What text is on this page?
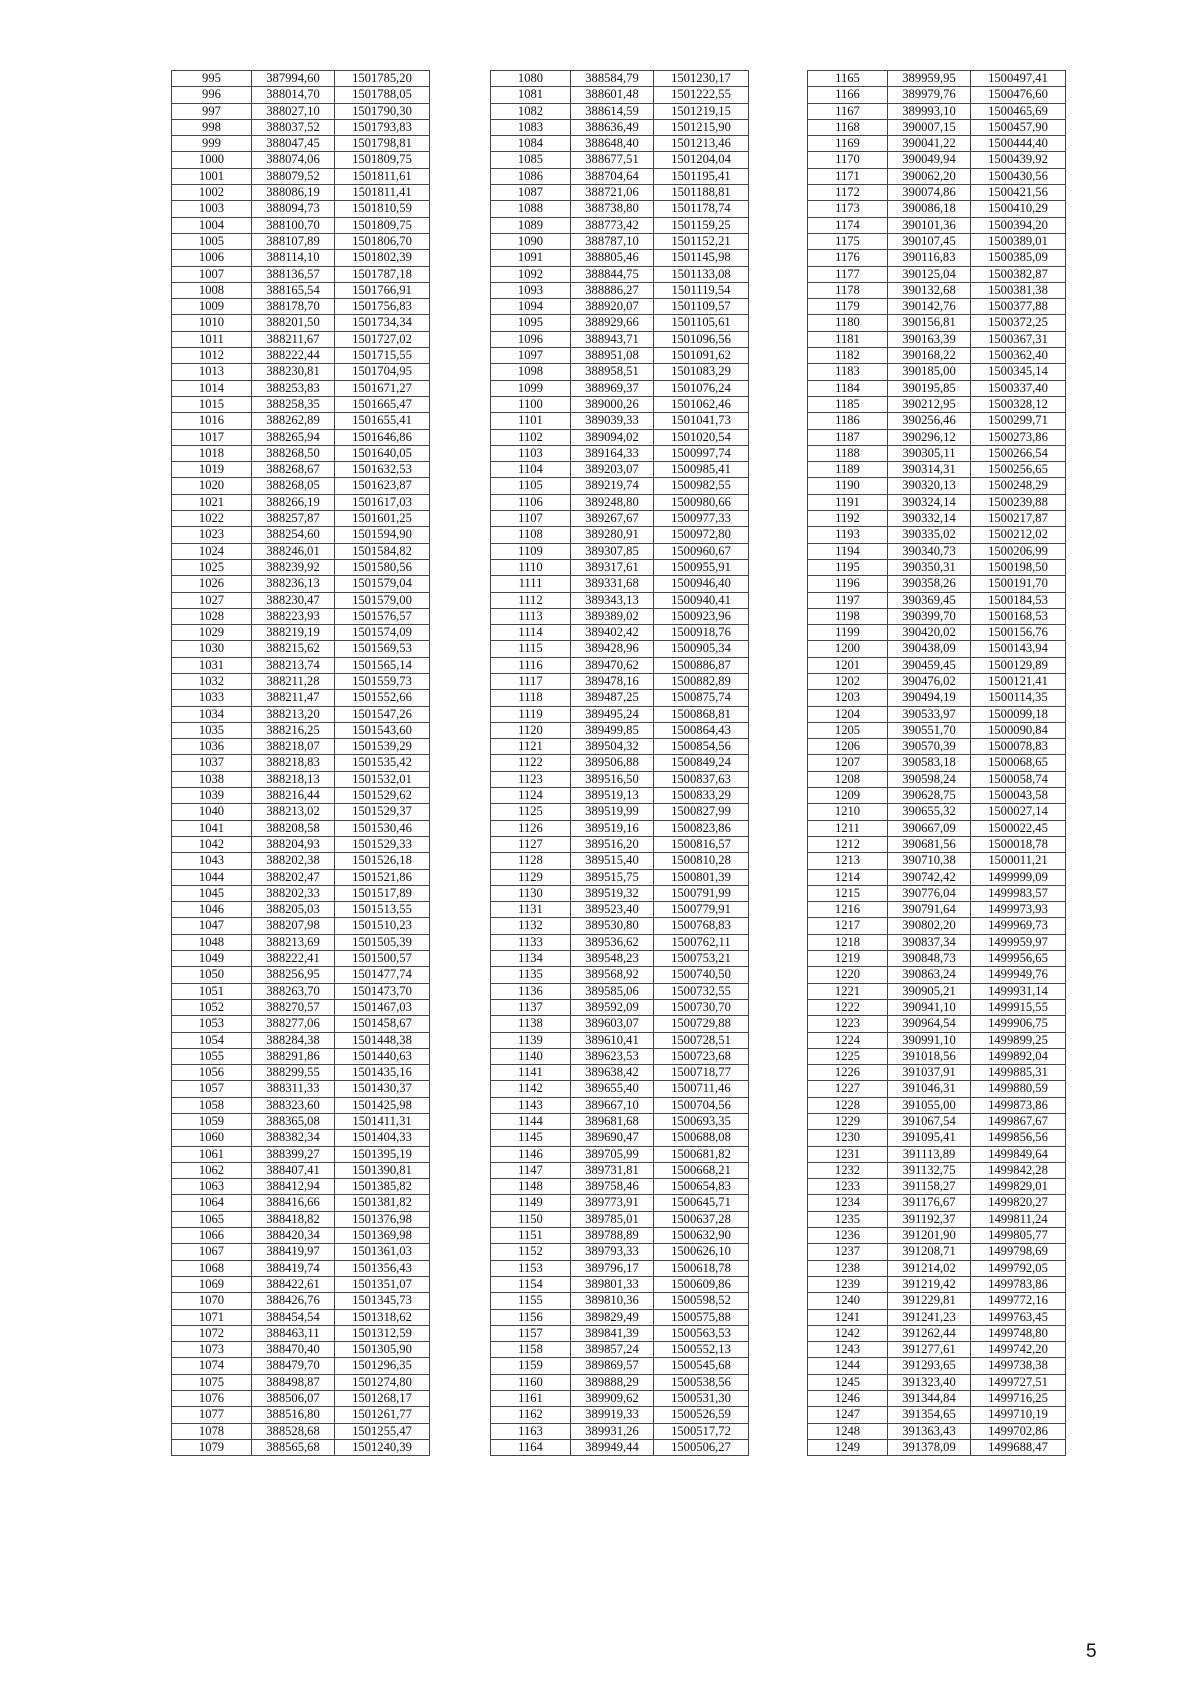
995	387994,60	1501785,20
996	388014,70	1501788,05
997	388027,10	1501790,30
998	388037,52	1501793,83
999	388047,45	1501798,81
1000	388074,06	1501809,75
1001	388079,52	1501811,61
1002	388086,19	1501811,41
1003	388094,73	1501810,59
1004	388100,70	1501809,75
1005	388107,89	1501806,70
1006	388114,10	1501802,39
1007	388136,57	1501787,18
1008	388165,54	1501766,91
1009	388178,70	1501756,83
1010	388201,50	1501734,34
1011	388211,67	1501727,02
1012	388222,44	1501715,55
1013	388230,81	1501704,95
1014	388253,83	1501671,27
1015	388258,35	1501665,47
1016	388262,89	1501655,41
1017	388265,94	1501646,86
1018	388268,50	1501640,05
1019	388268,67	1501632,53
1020	388268,05	1501623,87
1021	388266,19	1501617,03
1022	388257,87	1501601,25
1023	388254,60	1501594,90
1024	388246,01	1501584,82
1025	388239,92	1501580,56
1026	388236,13	1501579,04
1027	388230,47	1501579,00
1028	388223,93	1501576,57
1029	388219,19	1501574,09
1030	388215,62	1501569,53
1031	388213,74	1501565,14
1032	388211,28	1501559,73
1033	388211,47	1501552,66
1034	388213,20	1501547,26
1035	388216,25	1501543,60
1036	388218,07	1501539,29
1037	388218,83	1501535,42
1038	388218,13	1501532,01
1039	388216,44	1501529,62
1040	388213,02	1501529,37
1041	388208,58	1501530,46
1042	388204,93	1501529,33
1043	388202,38	1501526,18
1044	388202,47	1501521,86
1045	388202,33	1501517,89
1046	388205,03	1501513,55
1047	388207,98	1501510,23
1048	388213,69	1501505,39
1049	388222,41	1501500,57
1050	388256,95	1501477,74
1051	388263,70	1501473,70
1052	388270,57	1501467,03
1053	388277,06	1501458,67
1054	388284,38	1501448,38
1055	388291,86	1501440,63
1056	388299,55	1501435,16
1057	388311,33	1501430,37
1058	388323,60	1501425,98
1059	388365,08	1501411,31
1060	388382,34	1501404,33
1061	388399,27	1501395,19
1062	388407,41	1501390,81
1063	388412,94	1501385,82
1064	388416,66	1501381,82
1065	388418,82	1501376,98
1066	388420,34	1501369,98
1067	388419,97	1501361,03
1068	388419,74	1501356,43
1069	388422,61	1501351,07
1070	388426,76	1501345,73
1071	388454,54	1501318,62
1072	388463,11	1501312,59
1073	388470,40	1501305,90
1074	388479,70	1501296,35
1075	388498,87	1501274,80
1076	388506,07	1501268,17
1077	388516,80	1501261,77
1078	388528,68	1501255,47
1079	388565,68	1501240,39
1080	388584,79	1501230,17
1081	388601,48	1501222,55
1082	388614,59	1501219,15
1083	388636,49	1501215,90
1084	388648,40	1501213,46
1085	388677,51	1501204,04
1086	388704,64	1501195,41
1087	388721,06	1501188,81
1088	388738,80	1501178,74
1089	388773,42	1501159,25
1090	388787,10	1501152,21
1091	388805,46	1501145,98
1092	388844,75	1501133,08
1093	388886,27	1501119,54
1094	388920,07	1501109,57
1095	388929,66	1501105,61
1096	388943,71	1501096,56
1097	388951,08	1501091,62
1098	388958,51	1501083,29
1099	388969,37	1501076,24
1100	389000,26	1501062,46
1101	389039,33	1501041,73
1102	389094,02	1501020,54
1103	389164,33	1500997,74
1104	389203,07	1500985,41
1105	389219,74	1500982,55
1106	389248,80	1500980,66
1107	389267,67	1500977,33
1108	389280,91	1500972,80
1109	389307,85	1500960,67
1110	389317,61	1500955,91
1111	389331,68	1500946,40
1112	389343,13	1500940,41
1113	389389,02	1500923,96
1114	389402,42	1500918,76
1115	389428,96	1500905,34
1116	389470,62	1500886,87
1117	389478,16	1500882,89
1118	389487,25	1500875,74
1119	389495,24	1500868,81
1120	389499,85	1500864,43
1121	389504,32	1500854,56
1122	389506,88	1500849,24
1123	389516,50	1500837,63
1124	389519,13	1500833,29
1125	389519,99	1500827,99
1126	389519,16	1500823,86
1127	389516,20	1500816,57
1128	389515,40	1500810,28
1129	389515,75	1500801,39
1130	389519,32	1500791,99
1131	389523,40	1500779,91
1132	389530,80	1500768,83
1133	389536,62	1500762,11
1134	389548,23	1500753,21
1135	389568,92	1500740,50
1136	389585,06	1500732,55
1137	389592,09	1500730,70
1138	389603,07	1500729,88
1139	389610,41	1500728,51
1140	389623,53	1500723,68
1141	389638,42	1500718,77
1142	389655,40	1500711,46
1143	389667,10	1500704,56
1144	389681,68	1500693,35
1145	389690,47	1500688,08
1146	389705,99	1500681,82
1147	389731,81	1500668,21
1148	389758,46	1500654,83
1149	389773,91	1500645,71
1150	389785,01	1500637,28
1151	389788,89	1500632,90
1152	389793,33	1500626,10
1153	389796,17	1500618,78
1154	389801,33	1500609,86
1155	389810,36	1500598,52
1156	389829,49	1500575,88
1157	389841,39	1500563,53
1158	389857,24	1500552,13
1159	389869,57	1500545,68
1160	389888,29	1500538,56
1161	389909,62	1500531,30
1162	389919,33	1500526,59
1163	389931,26	1500517,72
1164	389949,44	1500506,27
1165	389959,95	1500497,41
1166	389979,76	1500476,60
1167	389993,10	1500465,69
1168	390007,15	1500457,90
1169	390041,22	1500444,40
1170	390049,94	1500439,92
1171	390062,20	1500430,56
1172	390074,86	1500421,56
1173	390086,18	1500410,29
1174	390101,36	1500394,20
1175	390107,45	1500389,01
1176	390116,83	1500385,09
1177	390125,04	1500382,87
1178	390132,68	1500381,38
1179	390142,76	1500377,88
1180	390156,81	1500372,25
1181	390163,39	1500367,31
1182	390168,22	1500362,40
1183	390185,00	1500345,14
1184	390195,85	1500337,40
1185	390212,95	1500328,12
1186	390256,46	1500299,71
1187	390296,12	1500273,86
1188	390305,11	1500266,54
1189	390314,31	1500256,65
1190	390320,13	1500248,29
1191	390324,14	1500239,88
1192	390332,14	1500217,87
1193	390335,02	1500212,02
1194	390340,73	1500206,99
1195	390350,31	1500198,50
1196	390358,26	1500191,70
1197	390369,45	1500184,53
1198	390399,70	1500168,53
1199	390420,02	1500156,76
1200	390438,09	1500143,94
1201	390459,45	1500129,89
1202	390476,02	1500121,41
1203	390494,19	1500114,35
1204	390533,97	1500099,18
1205	390551,70	1500090,84
1206	390570,39	1500078,83
1207	390583,18	1500068,65
1208	390598,24	1500058,74
1209	390628,75	1500043,58
1210	390655,32	1500027,14
1211	390667,09	1500022,45
1212	390681,56	1500018,78
1213	390710,38	1500011,21
1214	390742,42	1499999,09
1215	390776,04	1499983,57
1216	390791,64	1499973,93
1217	390802,20	1499969,73
1218	390837,34	1499959,97
1219	390848,73	1499956,65
1220	390863,24	1499949,76
1221	390905,21	1499931,14
1222	390941,10	1499915,55
1223	390964,54	1499906,75
1224	390991,10	1499899,25
1225	391018,56	1499892,04
1226	391037,91	1499885,31
1227	391046,31	1499880,59
1228	391055,00	1499873,86
1229	391067,54	1499867,67
1230	391095,41	1499856,56
1231	391113,89	1499849,64
1232	391132,75	1499842,28
1233	391158,27	1499829,01
1234	391176,67	1499820,27
1235	391192,37	1499811,24
1236	391201,90	1499805,77
1237	391208,71	1499798,69
1238	391214,02	1499792,05
1239	391219,42	1499783,86
1240	391229,81	1499772,16
1241	391241,23	1499763,45
1242	391262,44	1499748,80
1243	391277,61	1499742,20
1244	391293,65	1499738,38
1245	391323,40	1499727,51
1246	391344,84	1499716,25
1247	391354,65	1499710,19
1248	391363,43	1499702,86
1249	391378,09	1499688,47
5
